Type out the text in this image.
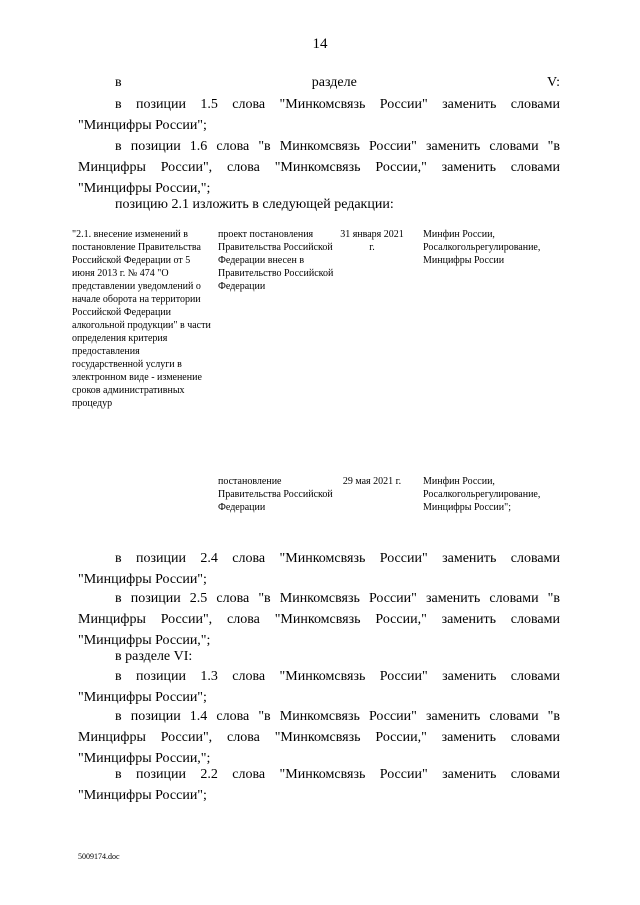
14
в разделе V:
в позиции 1.5 слова "Минкомсвязь России" заменить словами "Минцифры России";
в позиции 1.6 слова "в Минкомсвязь России" заменить словами "в Минцифры России", слова "Минкомсвязь России," заменить словами "Минцифры России,";
позицию 2.1 изложить в следующей редакции:
"2.1. внесение изменений в постановление Правительства Российской Федерации от 5 июня 2013 г. № 474 "О представлении уведомлений о начале оборота на территории Российской Федерации алкогольной продукции" в части определения критерия предоставления государственной услуги в электронном виде - изменение сроков административных процедур
проект постановления Правительства Российской Федерации внесен в Правительство Российской Федерации
31 января 2021 г.
Минфин России, Росалкогольрегулирование, Минцифры России
постановление Правительства Российской Федерации
29 мая 2021 г. Минфин России, Росалкогольрегулирование, Минцифры России";
в позиции 2.4 слова "Минкомсвязь России" заменить словами "Минцифры России";
в позиции 2.5 слова "в Минкомсвязь России" заменить словами "в Минцифры России", слова "Минкомсвязь России," заменить словами "Минцифры России,";
в разделе VI:
в позиции 1.3 слова "Минкомсвязь России" заменить словами "Минцифры России";
в позиции 1.4 слова "в Минкомсвязь России" заменить словами "в Минцифры России", слова "Минкомсвязь России," заменить словами "Минцифры России,";
в позиции 2.2 слова "Минкомсвязь России" заменить словами "Минцифры России";
5009174.doc
